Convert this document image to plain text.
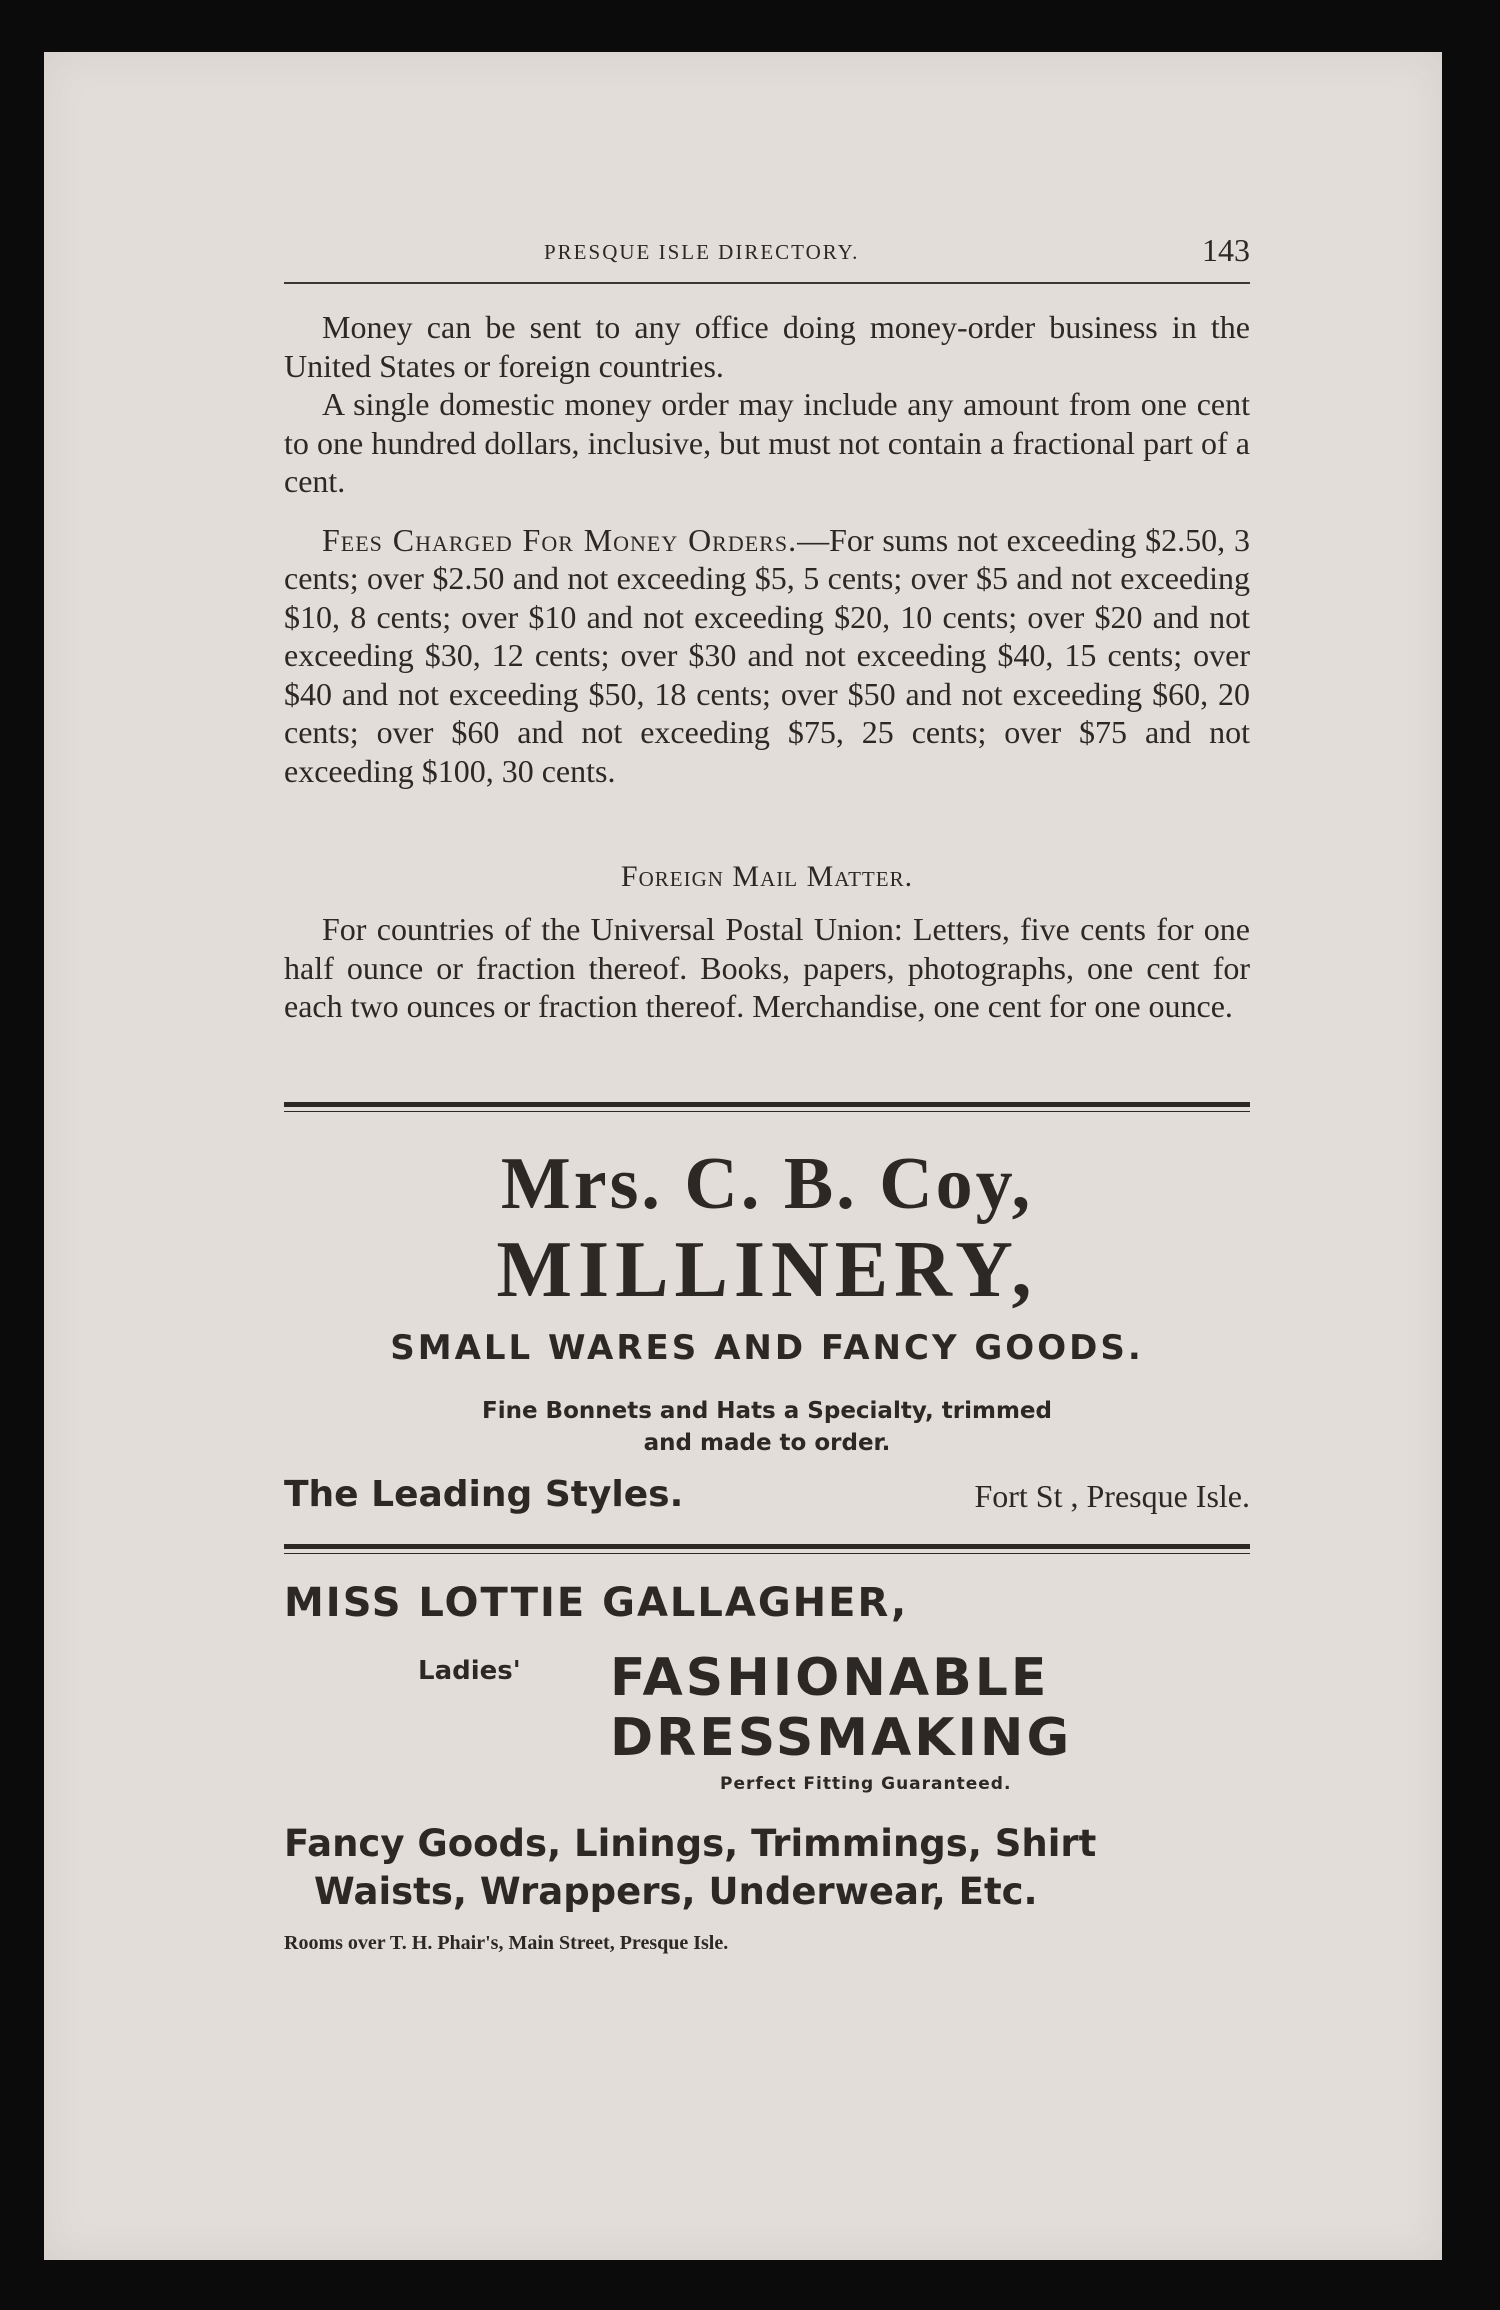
PRESQUE ISLE DIRECTORY.	143

Money can be sent to any office doing money-order business in the United States or foreign countries.

A single domestic money order may include any amount from one cent to one hundred dollars, inclusive, but must not contain a fractional part of a cent.

Fees Charged For Money Orders.—For sums not exceeding $2.50, 3 cents; over $2.50 and not exceeding $5, 5 cents; over $5 and not exceeding $10, 8 cents; over $10 and not exceeding $20, 10 cents; over $20 and not exceeding $30, 12 cents; over $30 and not exceeding $40, 15 cents; over $40 and not exceeding $50, 18 cents; over $50 and not exceeding $60, 20 cents; over $60 and not exceeding $75, 25 cents; over $75 and not exceeding $100, 30 cents.

Foreign Mail Matter.

For countries of the Universal Postal Union: Letters, five cents for one half ounce or fraction thereof. Books, papers, photographs, one cent for each two ounces or fraction thereof. Merchandise, one cent for one ounce.

Mrs. C. B. Coy,
MILLINERY,
SMALL WARES AND FANCY GOODS.
Fine Bonnets and Hats a Specialty, trimmed
and made to order.
The Leading Styles.	Fort St , Presque Isle.
MISS LOTTIE GALLAGHER,
Ladies' FASHIONABLE
DRESSMAKING
Perfect Fitting Guaranteed.
Fancy Goods, Linings, Trimmings, Shirt
Waists, Wrappers, Underwear, Etc.
Rooms over T. H. Phair's, Main Street, Presque Isle.
